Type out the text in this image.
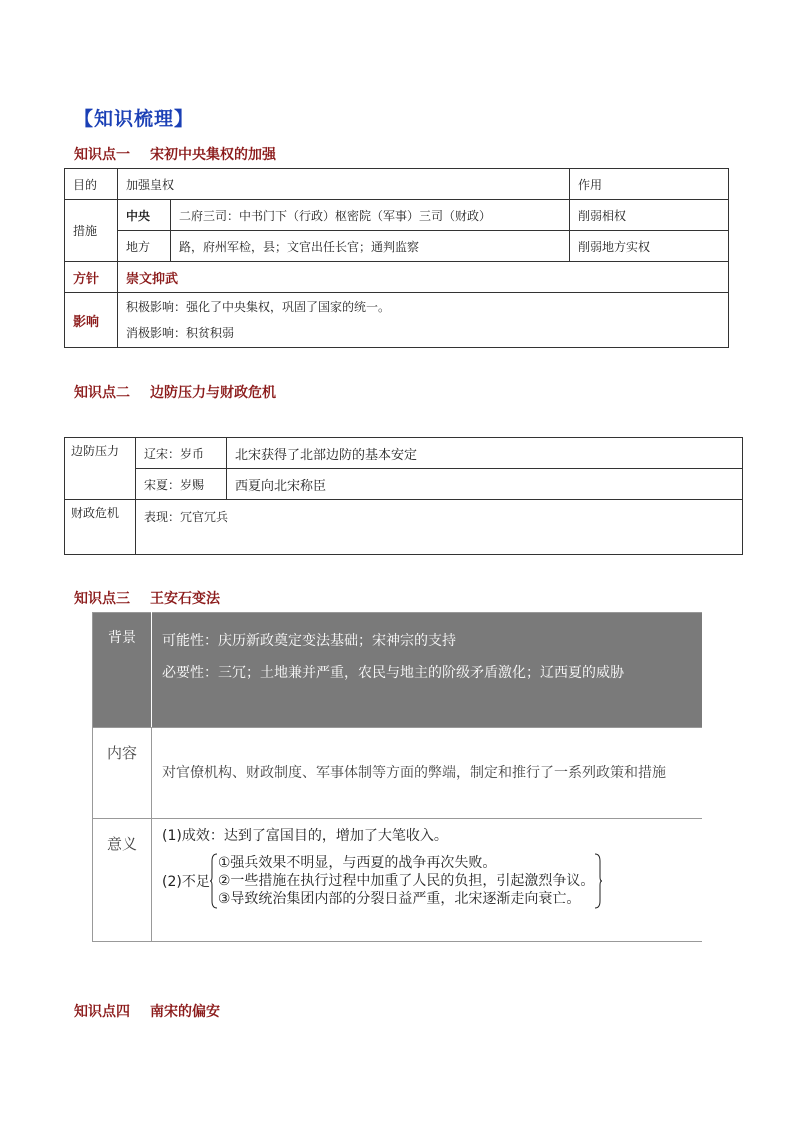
【知识梳理】
知识点一 宋初中央集权的加强
目的	加强皇权		作用
措施	中央	二府三司：中书门下（行政）枢密院（军事）三司（财政）	削弱相权
	地方	路，府州军检，县；文官出任长官；通判监察	削弱地方实权
方针	崇文抑武		
影响	积极影响：强化了中央集权，巩固了国家的统一。
消极影响：积贫积弱		
知识点二 边防压力与财政危机
边防压力	辽宋：岁币	北宋获得了北部边防的基本安定
	宋夏：岁赐	西夏向北宋称臣
财政危机	表现：冗官冗兵	
知识点三 王安石变法
背景	可能性：庆历新政奠定变法基础；宋神宗的支持
必要性：三冗；土地兼并严重，农民与地主的阶级矛盾激化；辽西夏的威胁

内容	对官僚机构、财政制度、军事体制等方面的弊端，制定和推行了一系列政策和措施
意义	(1)成效：达到了富国目的，增加了大笔收入。
(2)不足
①强兵效果不明显，与西夏的战争再次失败。
②一些措施在执行过程中加重了人民的负担，引起激烈争议。
③导致统治集团内部的分裂日益严重，北宋逐渐走向衰亡。
知识点四 南宋的偏安
